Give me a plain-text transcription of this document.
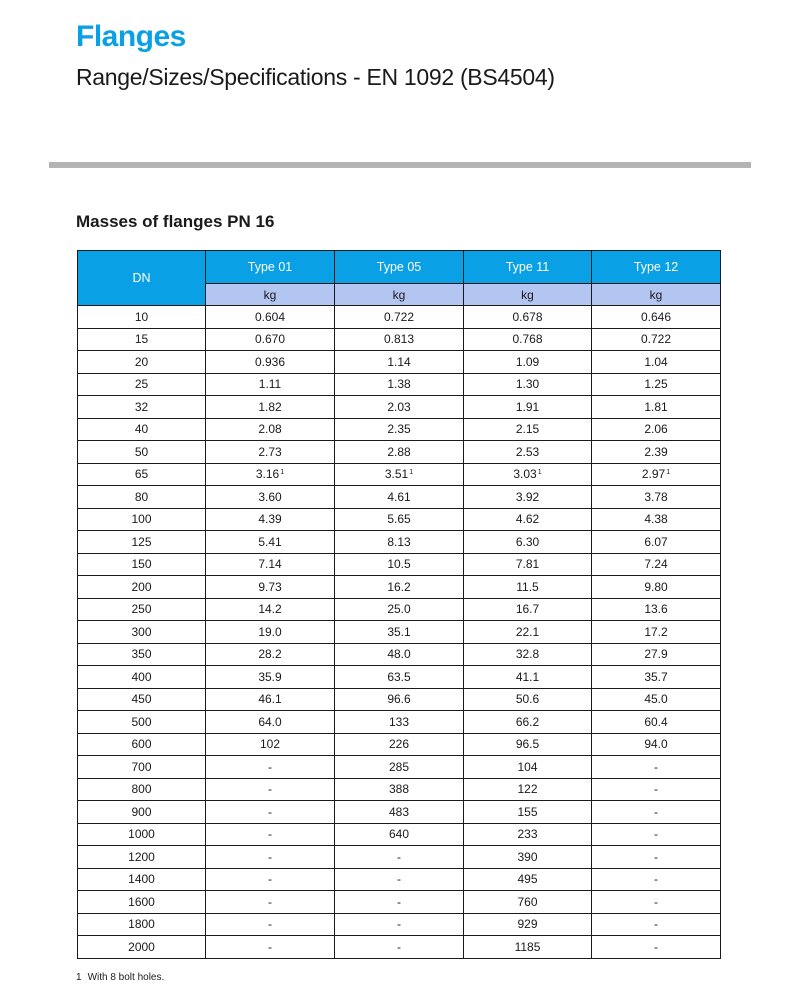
Flanges
Range/Sizes/Specifications - EN 1092 (BS4504)
Masses of flanges PN 16
DN	Type 01	Type 05	Type 11	Type 12
	kg	kg	kg	kg
10	0.604	0.722	0.678	0.646
15	0.670	0.813	0.768	0.722
20	0.936	1.14	1.09	1.04
25	1.11	1.38	1.30	1.25
32	1.82	2.03	1.91	1.81
40	2.08	2.35	2.15	2.06
50	2.73	2.88	2.53	2.39
65	3.16$^1$	3.51$^1$	3.03$^1$	2.97$^1$
80	3.60	4.61	3.92	3.78
100	4.39	5.65	4.62	4.38
125	5.41	8.13	6.30	6.07
150	7.14	10.5	7.81	7.24
200	9.73	16.2	11.5	9.80
250	14.2	25.0	16.7	13.6
300	19.0	35.1	22.1	17.2
350	28.2	48.0	32.8	27.9
400	35.9	63.5	41.1	35.7
450	46.1	96.6	50.6	45.0
500	64.0	133	66.2	60.4
600	102	226	96.5	94.0
700	-	285	104	-
800	-	388	122	-
900	-	483	155	-
1000	-	640	233	-
1200	-	-	390	-
1400	-	-	495	-
1600	-	-	760	-
1800	-	-	929	-
2000	-	-	1185	-

1 With 8 bolt holes.
